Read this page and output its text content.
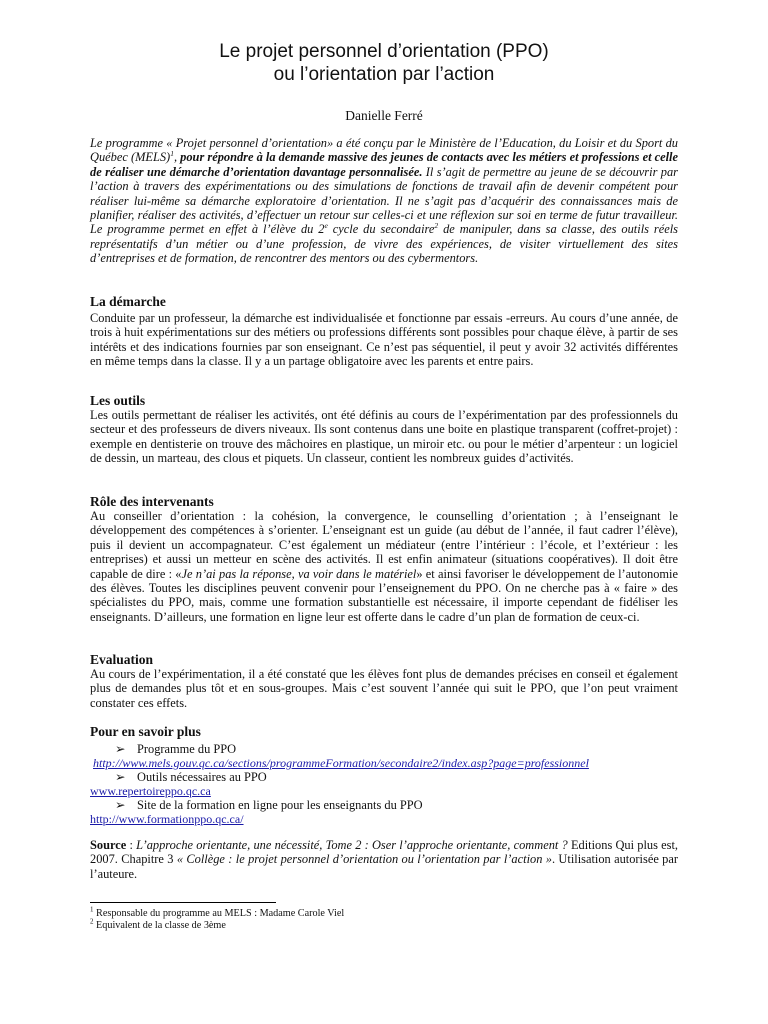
Le projet personnel d’orientation (PPO)
ou l’orientation par l’action
Danielle Ferré

Le programme « Projet personnel d’orientation» a été conçu par le Ministère de l’Education, du Loisir et du Sport du Québec (MELS)$^1$, pour répondre à la demande massive des jeunes de contacts avec les métiers et professions et celle de réaliser une démarche d’orientation davantage personnalisée. Il s’agit de permettre au jeune de se découvrir par l’action à travers des expérimentations ou des simulations de fonctions de travail afin de devenir compétent pour réaliser lui-même sa démarche exploratoire d’orientation. Il ne s’agit pas d’acquérir des connaissances mais de planifier, réaliser des activités, d’effectuer un retour sur celles-ci et une réflexion sur soi en terme de futur travailleur. Le programme permet en effet à l’élève du 2e cycle du secondaire$^2$ de manipuler, dans sa classe, des outils réels représentatifs d’un métier ou d’une profession, de vivre des expériences, de visiter virtuellement des sites d’entreprises et de formation, de rencontrer des mentors ou des cybermentors.

La démarche

Conduite par un professeur, la démarche est individualisée et fonctionne par essais -erreurs. Au cours d’une année, de trois à huit expérimentations sur des métiers ou professions différents sont possibles pour chaque élève, à partir de ses intérêts et des indications fournies par son enseignant. Ce n’est pas séquentiel, il peut y avoir 32 activités différentes en même temps dans la classe. Il y a un partage obligatoire avec les parents et entre pairs.

Les outils

Les outils permettant de réaliser les activités, ont été définis au cours de l’expérimentation par des professionnels du secteur et des professeurs de divers niveaux. Ils sont contenus dans une boite en plastique transparent (coffret-projet) : exemple en dentisterie on trouve des mâchoires en plastique, un miroir etc. ou pour le métier d’arpenteur : un logiciel de dessin, un marteau, des clous et piquets. Un classeur, contient les nombreux guides d’activités.

Rôle des intervenants

Au conseiller d’orientation : la cohésion, la convergence, le counselling d’orientation ; à l’enseignant le développement des compétences à s’orienter. L’enseignant est un guide (au début de l’année, il faut cadrer l’élève), puis il devient un accompagnateur. C’est également un médiateur (entre l’intérieur : l’école, et l’extérieur : les entreprises) et aussi un metteur en scène des activités. Il est enfin animateur (situations coopératives). Il doit être capable de dire : «Je n’ai pas la réponse, va voir dans le matériel» et ainsi favoriser le développement de l’autonomie des élèves. Toutes les disciplines peuvent convenir pour l’enseignement du PPO. On ne cherche pas à « faire » des spécialistes du PPO, mais, comme une formation substantielle est nécessaire, il importe cependant de fidéliser les enseignants. D’ailleurs, une formation en ligne leur est offerte dans le cadre d’un plan de formation de ceux-ci.

Evaluation

Au cours de l’expérimentation, il a été constaté que les élèves font plus de demandes précises en conseil et également plus de demandes plus tôt et en sous-groupes. Mais c’est souvent l’année qui suit le PPO, que l’on peut vraiment constater ces effets.

Pour en savoir plus
➢ Programme du PPO
http://www.mels.gouv.qc.ca/sections/programmeFormation/secondaire2/index.asp?page=professionnel
➢ Outils nécessaires au PPO
www.repertoireppo.qc.ca
➢ Site de la formation en ligne pour les enseignants du PPO
http://www.formationppo.qc.ca/

Source : L’approche orientante, une nécessité, Tome 2 : Oser l’approche orientante, comment ? Editions Qui plus est, 2007. Chapitre 3 « Collège : le projet personnel d’orientation ou l’orientation par l’action ». Utilisation autorisée par l’auteure.

$^1$ Responsable du programme au MELS : Madame Carole Viel
$^2$ Equivalent de la classe de 3ème
